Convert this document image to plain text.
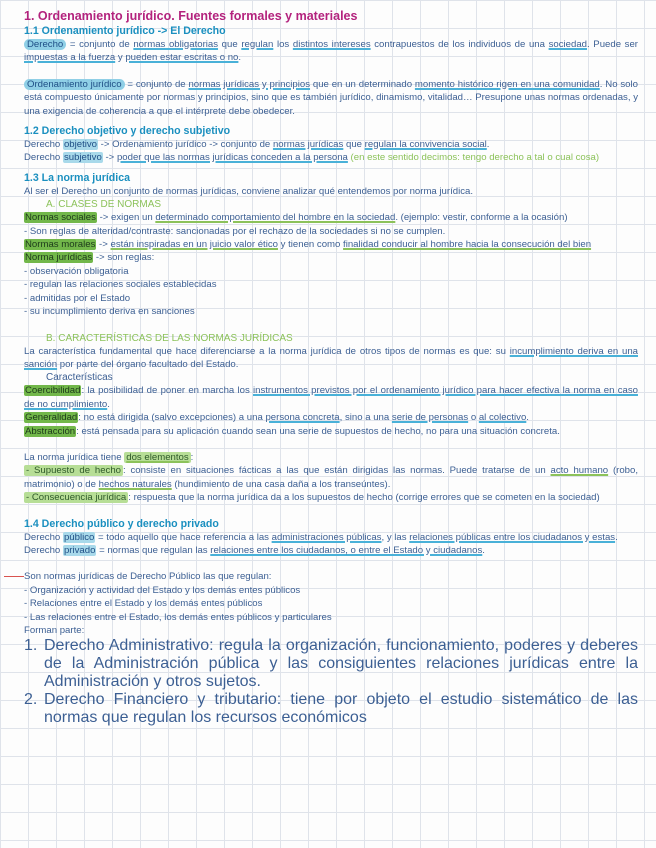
1. Ordenamiento jurídico. Fuentes formales y materiales
1.1 Ordenamiento jurídico -> El Derecho

Derecho = conjunto de normas obligatorias que regulan los distintos intereses contrapuestos de los individuos de una sociedad. Puede ser impuestas a la fuerza y pueden estar escritas o no.

Ordenamiento jurídico = conjunto de normas jurídicas y principios que en un determinado momento histórico rigen en una comunidad. No solo está compuesto únicamente por normas y principios, sino que es también jurídico, dinamismo, vitalidad… Presupone unas normas ordenadas, y una exigencia de coherencia a que el intérprete debe obedecer.

1.2 Derecho objetivo y derecho subjetivo
Derecho objetivo -> Ordenamiento jurídico -> conjunto de normas jurídicas que regulan la convivencia social.
Derecho subjetivo -> poder que las normas jurídicas conceden a la persona (en este sentido decimos: tengo derecho a tal o cual cosa)
1.3 La norma jurídica

Al ser el Derecho un conjunto de normas jurídicas, conviene analizar qué entendemos por norma jurídica.

A. CLASES DE NORMAS

Normas sociales -> exigen un determinado comportamiento del hombre en la sociedad. (ejemplo: vestir, conforme a la ocasión)

- Son reglas de alteridad/contraste: sancionadas por el rechazo de la sociedades si no se cumplen.

Normas morales -> están inspiradas en un juicio valor ético y tienen como finalidad conducir al hombre hacia la consecución del bien

Norma jurídicas -> son reglas:

- observación obligatoria
- regulan las relaciones sociales establecidas
- admitidas por el Estado
- su incumplimiento deriva en sanciones
B. CARACTERÍSTICAS DE LAS NORMAS JURÍDICAS

La característica fundamental que hace diferenciarse a la norma jurídica de otros tipos de normas es que: su incumplimiento deriva en una sanción por parte del órgano facultado del Estado.

Características

Coercibilidad: la posibilidad de poner en marcha los instrumentos previstos por el ordenamiento jurídico para hacer efectiva la norma en caso de no cumplimiento.

Generalidad: no está dirigida (salvo excepciones) a una persona concreta, sino a una serie de personas o al colectivo.

Abstracción: está pensada para su aplicación cuando sean una serie de supuestos de hecho, no para una situación concreta.

La norma jurídica tiene dos elementos :

- Supuesto de hecho : consiste en situaciones fácticas a las que están dirigidas las normas. Puede tratarse de un acto humano (robo, matrimonio) o de hechos naturales (hundimiento de una casa daña a los transeúntes).

- Consecuencia jurídica : respuesta que la norma jurídica da a los supuestos de hecho (corrige errores que se cometen en la sociedad)

1.4 Derecho público y derecho privado

Derecho público = todo aquello que hace referencia a las administraciones públicas, y las relaciones públicas entre los ciudadanos y estas.

Derecho privado = normas que regulan las relaciones entre los ciudadanos, o entre el Estado y ciudadanos.

Son normas jurídicas de Derecho Público las que regulan:
- Organización y actividad del Estado y los demás entes públicos
- Relaciones entre el Estado y los demás entes públicos
- Las relaciones entre el Estado, los demás entes públicos y particulares
Forman parte:
1. Derecho Administrativo: regula la organización, funcionamiento, poderes y deberes de la Administración pública y las consiguientes relaciones jurídicas entre la Administración y otros sujetos.
2. Derecho Financiero y tributario: tiene por objeto el estudio sistemático de las normas que regulan los recursos económicos
